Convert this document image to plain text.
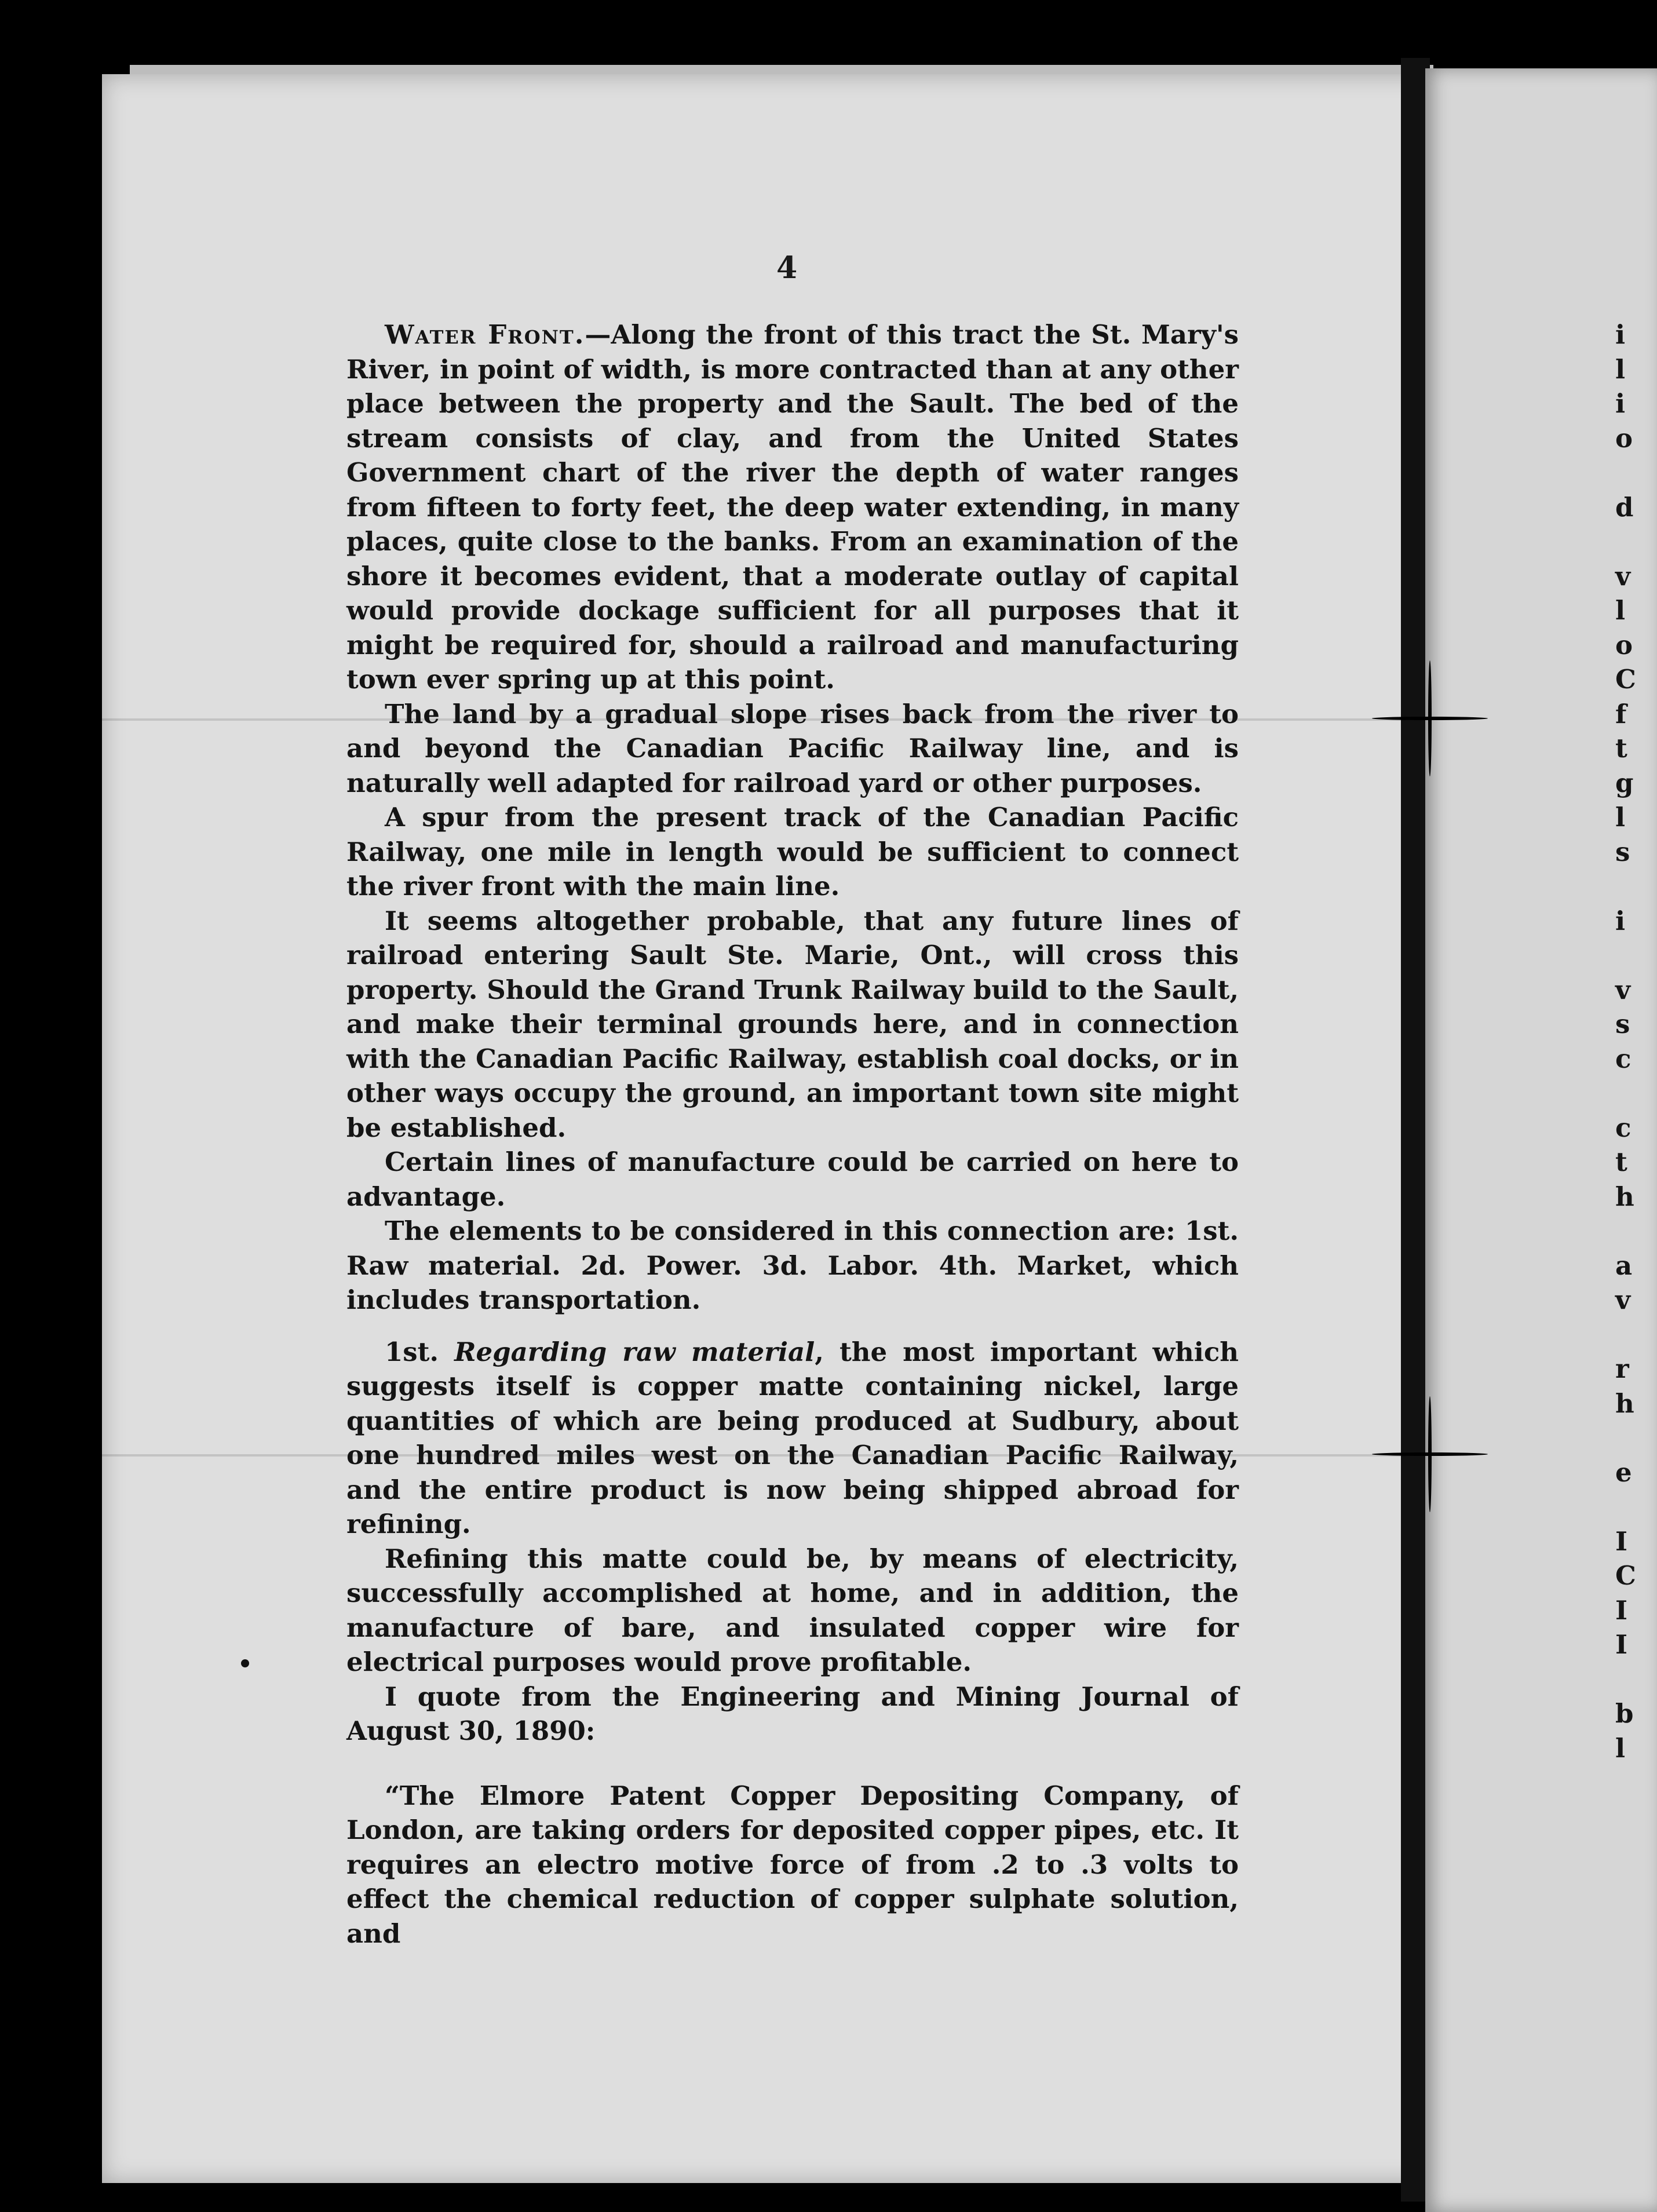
4

Water Front.—Along the front of this tract the St. Mary's River, in point of width, is more contracted than at any other place between the property and the Sault. The bed of the stream consists of clay, and from the United States Government chart of the river the depth of water ranges from fifteen to forty feet, the deep water extending, in many places, quite close to the banks. From an examination of the shore it becomes evident, that a moderate outlay of capital would provide dockage sufficient for all purposes that it might be required for, should a railroad and manufacturing town ever spring up at this point.

The land by a gradual slope rises back from the river to and beyond the Canadian Pacific Railway line, and is naturally well adapted for railroad yard or other purposes.

A spur from the present track of the Canadian Pacific Railway, one mile in length would be sufficient to connect the river front with the main line.

It seems altogether probable, that any future lines of railroad entering Sault Ste. Marie, Ont., will cross this property. Should the Grand Trunk Railway build to the Sault, and make their terminal grounds here, and in connection with the Canadian Pacific Railway, establish coal docks, or in other ways occupy the ground, an important town site might be established.

Certain lines of manufacture could be carried on here to advantage.

The elements to be considered in this connection are: 1st. Raw material. 2d. Power. 3d. Labor. 4th. Market, which includes transportation.

1st. Regarding raw material, the most important which suggests itself is copper matte containing nickel, large quantities of which are being produced at Sudbury, about one hundred miles west on the Canadian Pacific Railway, and the entire product is now being shipped abroad for refining.

Refining this matte could be, by means of electricity, successfully accomplished at home, and in addition, the manufacture of bare, and insulated copper wire for electrical purposes would prove profitable.

I quote from the Engineering and Mining Journal of August 30, 1890:

“The Elmore Patent Copper Depositing Company, of London, are taking orders for deposited copper pipes, etc. It requires an electro motive force of from .2 to .3 volts to effect the chemical reduction of copper sulphate solution, and

i
l
i
o
d
v
l
o
C
f
t
g
l
s
i
v
s
c
c
t
h
a
v
r
h
e
I
C
I
I
b
l
